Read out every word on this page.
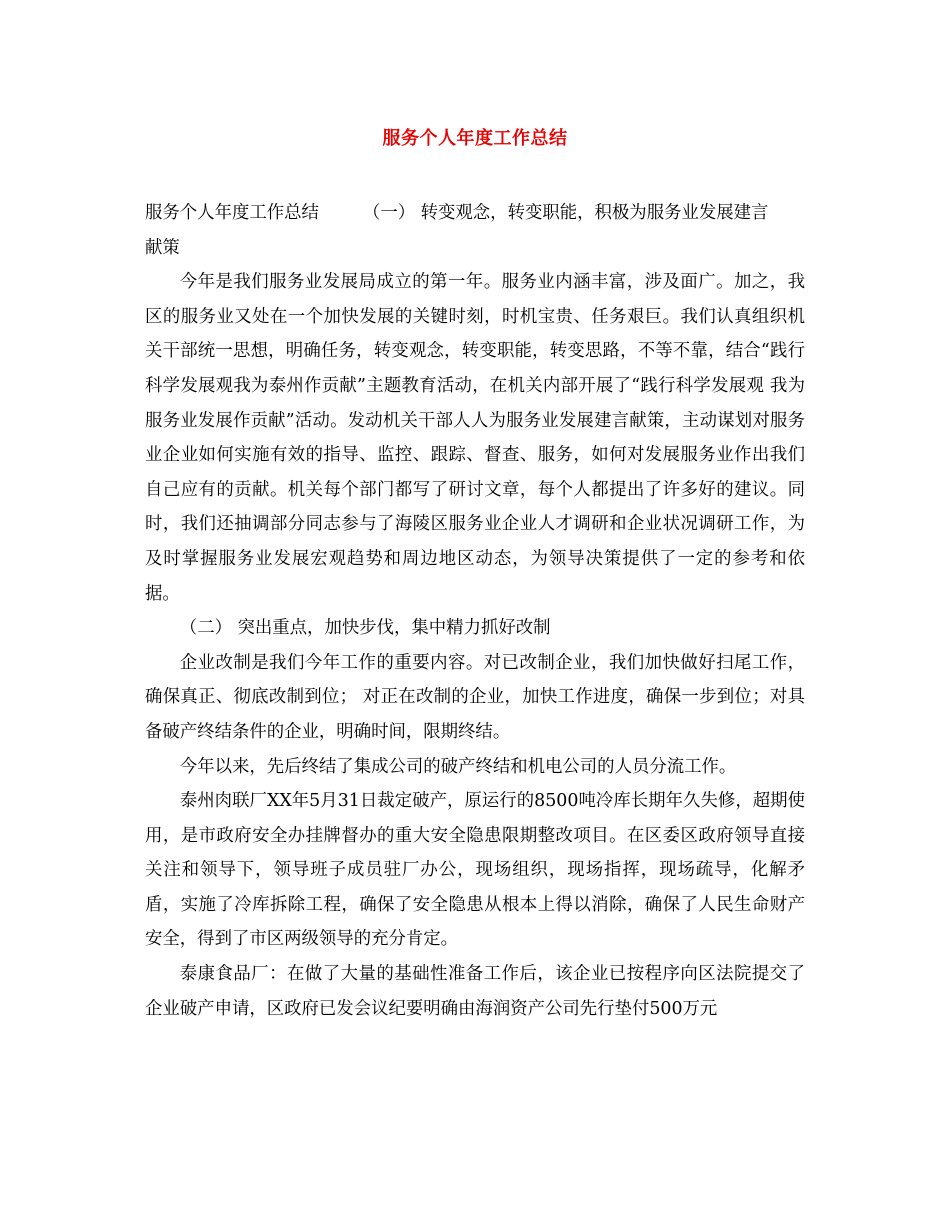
服务个人年度工作总结

服务个人年度工作总结	（一） 转变观念，转变职能，积极为服务业发展建言

献策

今年是我们服务业发展局成立的第一年。服务业内涵丰富，涉及面广。加之，我区的服务业又处在一个加快发展的关键时刻，时机宝贵、任务艰巨。我们认真组织机关干部统一思想，明确任务，转变观念，转变职能，转变思路，不等不靠，结合“践行科学发展观我为泰州作贡献”主题教育活动，在机关内部开展了“践行科学发展观 我为服务业发展作贡献”活动。发动机关干部人人为服务业发展建言献策，主动谋划对服务业企业如何实施有效的指导、监控、跟踪、督查、服务，如何对发展服务业作出我们自己应有的贡献。机关每个部门都写了研讨文章，每个人都提出了许多好的建议。同时，我们还抽调部分同志参与了海陵区服务业企业人才调研和企业状况调研工作，为及时掌握服务业发展宏观趋势和周边地区动态，为领导决策提供了一定的参考和依据。

（二） 突出重点，加快步伐，集中精力抓好改制

企业改制是我们今年工作的重要内容。对已改制企业，我们加快做好扫尾工作，确保真正、彻底改制到位； 对正在改制的企业，加快工作进度，确保一步到位；对具备破产终结条件的企业，明确时间，限期终结。

今年以来，先后终结了集成公司的破产终结和机电公司的人员分流工作。

泰州肉联厂XX年5月31日裁定破产，原运行的8500吨冷库长期年久失修，超期使用，是市政府安全办挂牌督办的重大安全隐患限期整改项目。在区委区政府领导直接关注和领导下，领导班子成员驻厂办公，现场组织，现场指挥，现场疏导，化解矛盾，实施了冷库拆除工程，确保了安全隐患从根本上得以消除，确保了人民生命财产安全，得到了市区两级领导的充分肯定。

泰康食品厂：在做了大量的基础性准备工作后，该企业已按程序向区法院提交了企业破产申请，区政府已发会议纪要明确由海润资产公司先行垫付500万元
